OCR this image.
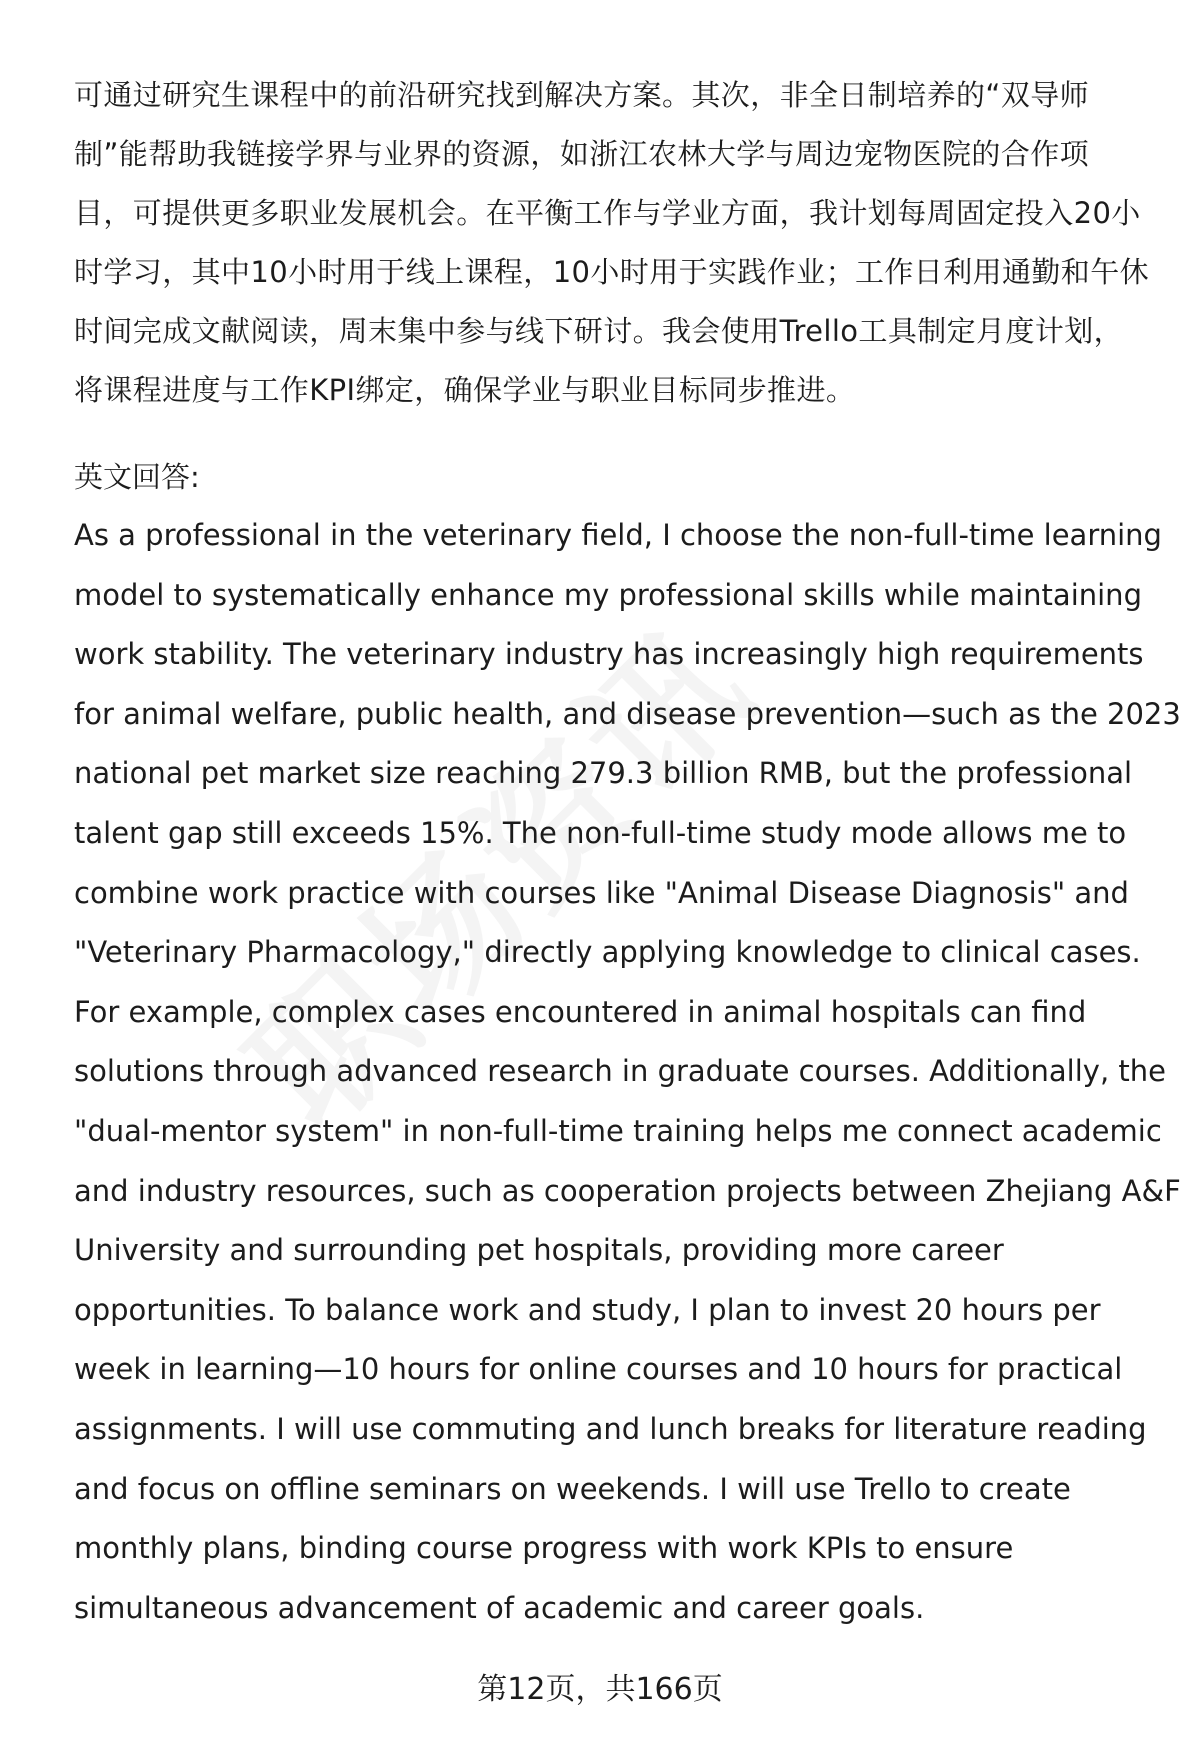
可通过研究生课程中的前沿研究找到解决方案。其次，非全日制培养的“双导师
制”能帮助我链接学界与业界的资源，如浙江农林大学与周边宠物医院的合作项
目，可提供更多职业发展机会。在平衡工作与学业方面，我计划每周固定投入20小
时学习，其中10小时用于线上课程，10小时用于实践作业；工作日利用通勤和午休
时间完成文献阅读，周末集中参与线下研讨。我会使用Trello工具制定月度计划，
将课程进度与工作KPI绑定，确保学业与职业目标同步推进。
英文回答:
As a professional in the veterinary field, I choose the non-full-time learning
model to systematically enhance my professional skills while maintaining
work stability. The veterinary industry has increasingly high requirements
for animal welfare, public health, and disease prevention—such as the 2023
national pet market size reaching 279.3 billion RMB, but the professional
talent gap still exceeds 15%. The non-full-time study mode allows me to
combine work practice with courses like "Animal Disease Diagnosis" and
"Veterinary Pharmacology," directly applying knowledge to clinical cases.
For example, complex cases encountered in animal hospitals can find
solutions through advanced research in graduate courses. Additionally, the
"dual-mentor system" in non-full-time training helps me connect academic
and industry resources, such as cooperation projects between Zhejiang A&F
University and surrounding pet hospitals, providing more career
opportunities. To balance work and study, I plan to invest 20 hours per
week in learning—10 hours for online courses and 10 hours for practical
assignments. I will use commuting and lunch breaks for literature reading
and focus on offline seminars on weekends. I will use Trello to create
monthly plans, binding course progress with work KPIs to ensure
simultaneous advancement of academic and career goals.
第12页，共166页
